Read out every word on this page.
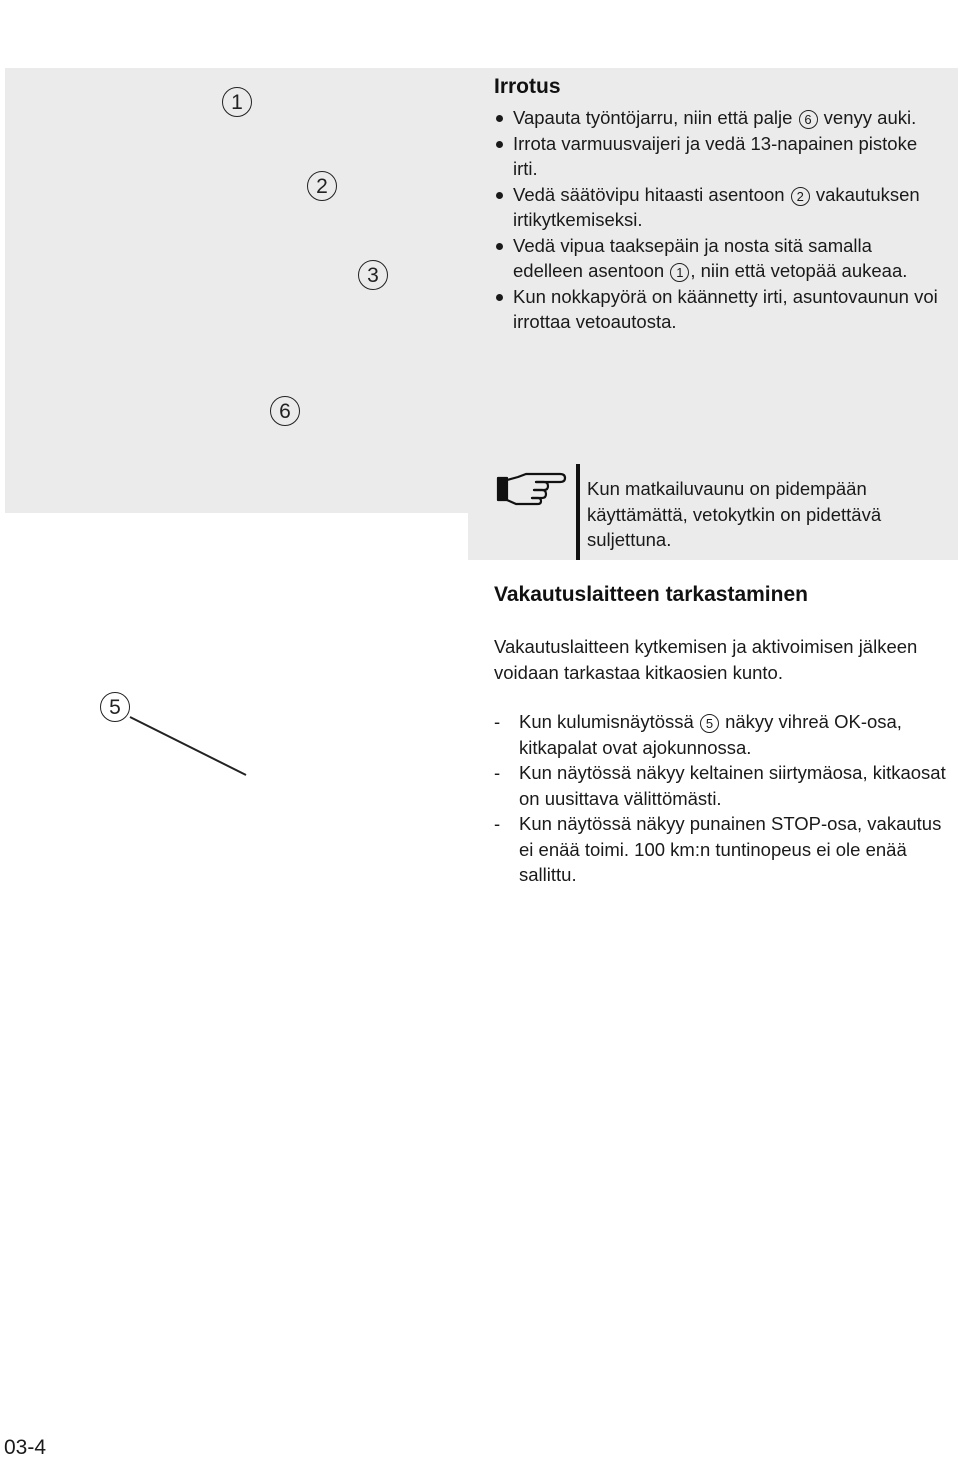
1
2
3
6
5
Irrotus
Vapauta työntöjarru, niin että palje 6 venyy auki.
Irrota varmuusvaijeri ja vedä 13-napainen pistoke irti.
Vedä säätövipu hitaasti asentoon 2 vakautuksen irtikytkemiseksi.
Vedä vipua taaksepäin ja nosta sitä samalla edelleen asentoon 1 , niin että vetopää aukeaa.
Kun nokkapyörä on käännetty irti, asuntovaunun voi irrottaa vetoautosta.

Kun matkailuvaunu on pidempään käyttämättä, vetokytkin on pidettävä suljettuna.

Vakautuslaitteen tarkastaminen

Vakautuslaitteen kytkemisen ja aktivoimisen jälkeen voidaan tarkastaa kitkaosien kunto.

- Kun kulumisnäytössä 5 näkyy vihreä OK-osa, kitkapalat ovat ajokunnossa.
- Kun näytössä näkyy keltainen siirtymäosa, kitkaosat on uusittava välittömästi.
- Kun näytössä näkyy punainen STOP-osa, vakautus ei enää toimi. 100 km:n tuntinopeus ei ole enää sallittu.

03-4
